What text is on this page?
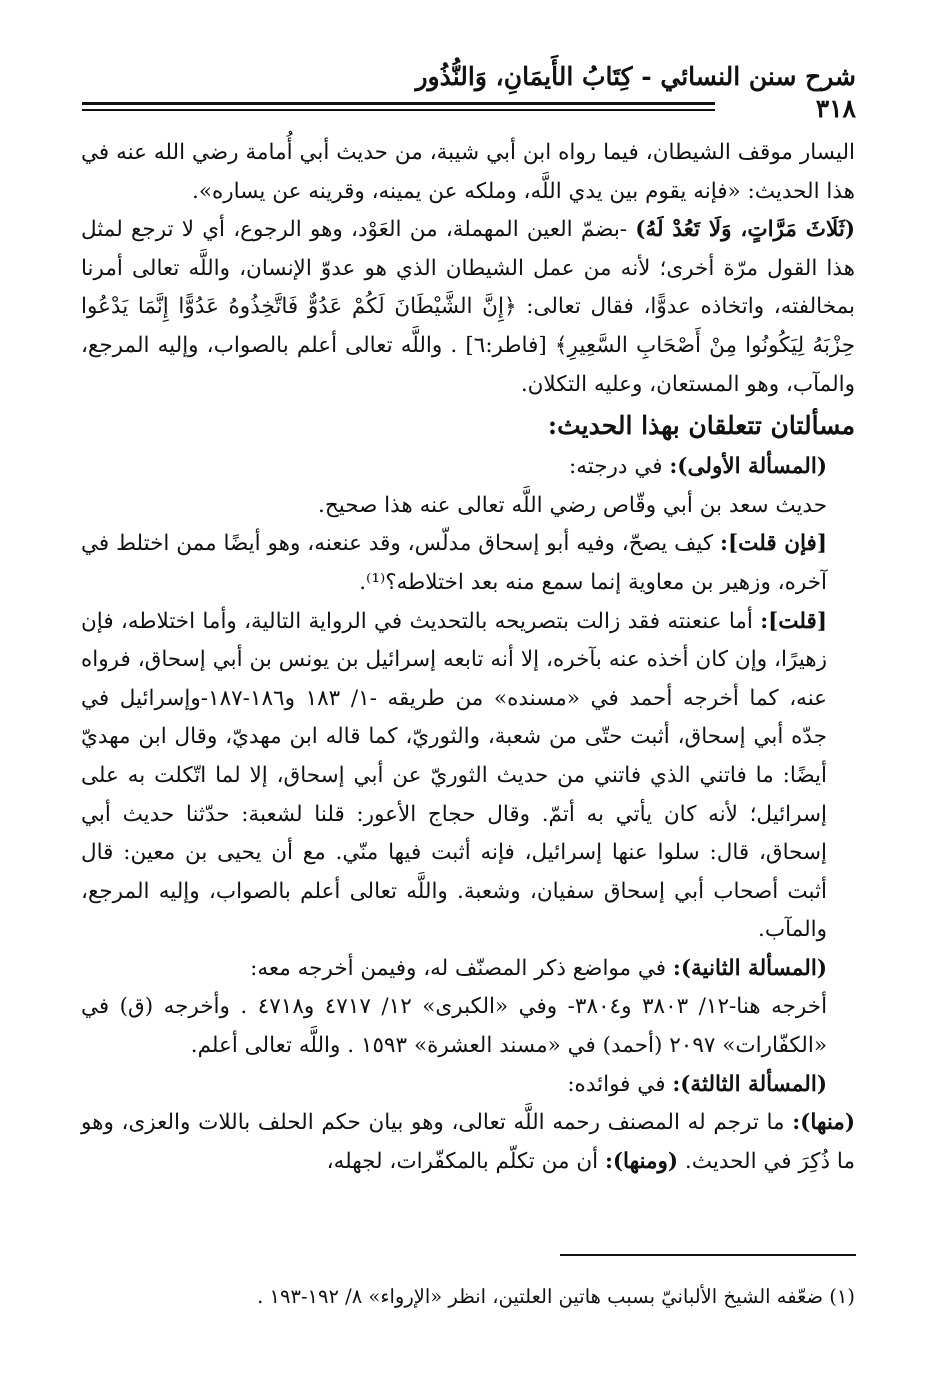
شرح سنن النسائي - كِتَابُ الأَيمَانِ، وَالنُّذُور
٣١٨

اليسار موقف الشيطان، فيما رواه ابن أبي شيبة، من حديث أبي أُمامة رضي الله عنه في هذا الحديث: «فإنه يقوم بين يدي اللَّه، وملكه عن يمينه، وقرينه عن يساره».

(ثَلَاثَ مَرَّاتٍ، وَلَا تَعُدْ لَهُ) -بضمّ العين المهملة، من العَوْد، وهو الرجوع، أي لا ترجع لمثل هذا القول مرّة أخرى؛ لأنه من عمل الشيطان الذي هو عدوّ الإنسان، واللَّه تعالى أمرنا بمخالفته، واتخاذه عدوًّا، فقال تعالى: ﴿إِنَّ الشَّيْطَانَ لَكُمْ عَدُوٌّ فَاتَّخِذُوهُ عَدُوًّا إِنَّمَا يَدْعُوا حِزْبَهُ لِيَكُونُوا مِنْ أَصْحَابِ السَّعِيرِ﴾ [فاطر:٦] . واللَّه تعالى أعلم بالصواب، وإليه المرجع، والمآب، وهو المستعان، وعليه التكلان.

مسألتان تتعلقان بهذا الحديث:

(المسألة الأولى): في درجته:

حديث سعد بن أبي وقّاص رضي اللَّه تعالى عنه هذا صحيح.

[فإن قلت]: كيف يصحّ، وفيه أبو إسحاق مدلّس، وقد عنعنه، وهو أيضًا ممن اختلط في آخره، وزهير بن معاوية إنما سمع منه بعد اختلاطه؟⁽¹⁾.

[قلت]: أما عنعنته فقد زالت بتصريحه بالتحديث في الرواية التالية، وأما اختلاطه، فإن زهيرًا، وإن كان أخذه عنه بآخره، إلا أنه تابعه إسرائيل بن يونس بن أبي إسحاق، فرواه عنه، كما أخرجه أحمد في «مسنده» من طريقه -١/ ١٨٣ و١٨٦-١٨٧-وإسرائيل في جدّه أبي إسحاق، أثبت حتّى من شعبة، والثوريّ، كما قاله ابن مهديّ، وقال ابن مهديّ أيضًا: ما فاتني الذي فاتني من حديث الثوريّ عن أبي إسحاق، إلا لما اتّكلت به على إسرائيل؛ لأنه كان يأتي به أتمّ. وقال حجاج الأعور: قلنا لشعبة: حدّثنا حديث أبي إسحاق، قال: سلوا عنها إسرائيل، فإنه أثبت فيها منّي. مع أن يحيى بن معين: قال أثبت أصحاب أبي إسحاق سفيان، وشعبة. واللَّه تعالى أعلم بالصواب، وإليه المرجع، والمآب.

(المسألة الثانية): في مواضع ذكر المصنّف له، وفيمن أخرجه معه:

أخرجه هنا-١٢/ ٣٨٠٣ و٣٨٠٤- وفي «الكبرى» ١٢/ ٤٧١٧ و٤٧١٨ . وأخرجه (ق) في «الكفّارات» ٢٠٩٧ (أحمد) في «مسند العشرة» ١٥٩٣ . واللَّه تعالى أعلم.

(المسألة الثالثة): في فوائده:

(منها): ما ترجم له المصنف رحمه اللَّه تعالى، وهو بيان حكم الحلف باللات والعزى، وهو ما ذُكِرَ في الحديث. (ومنها): أن من تكلّم بالمكفّرات، لجهله،

(١) ضعّفه الشيخ الألبانيّ بسبب هاتين العلتين، انظر «الإرواء» ٨/ ١٩٢-١٩٣ .
